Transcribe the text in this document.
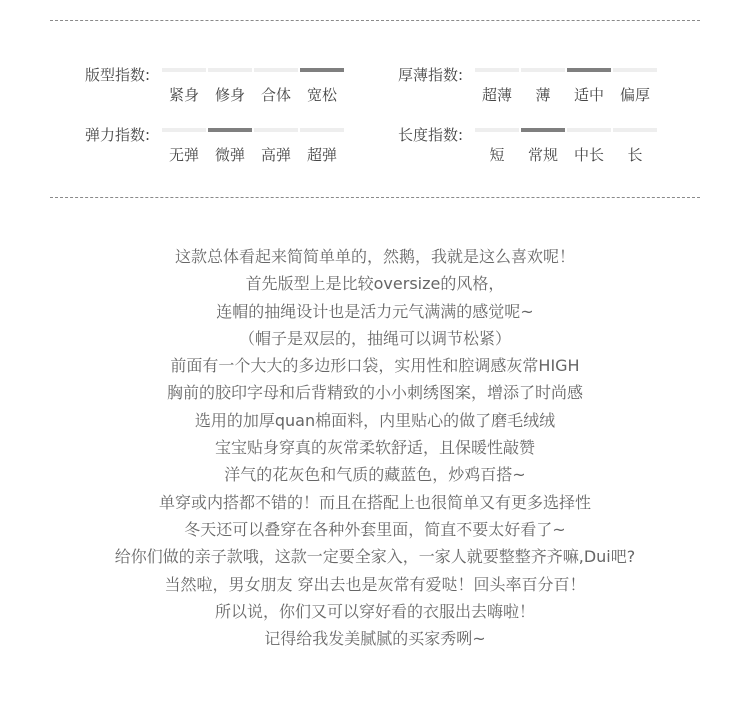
版型指数:
紧身	修身	合体	宽松
厚薄指数:
超薄	薄	适中	偏厚
弹力指数:
无弹	微弹	高弹	超弹
长度指数:
短	常规	中长	长
这款总体看起来简简单单的，然鹅，我就是这么喜欢呢！
首先版型上是比较oversize的风格，
连帽的抽绳设计也是活力元气满满的感觉呢~
（帽子是双层的，抽绳可以调节松紧）
前面有一个大大的多边形口袋，实用性和腔调感灰常HIGH
胸前的胶印字母和后背精致的小小刺绣图案，增添了时尚感
选用的加厚quan棉面料，内里贴心的做了磨毛绒绒
宝宝贴身穿真的灰常柔软舒适，且保暖性敲赞
洋气的花灰色和气质的藏蓝色，炒鸡百搭~
单穿或内搭都不错的！而且在搭配上也很简单又有更多选择性
冬天还可以叠穿在各种外套里面，简直不要太好看了~
给你们做的亲子款哦，这款一定要全家入，一家人就要整整齐齐嘛,Dui吧?
当然啦，男女朋友 穿出去也是灰常有爱哒！回头率百分百！
所以说，你们又可以穿好看的衣服出去嗨啦！
记得给我发美腻腻的买家秀咧~
